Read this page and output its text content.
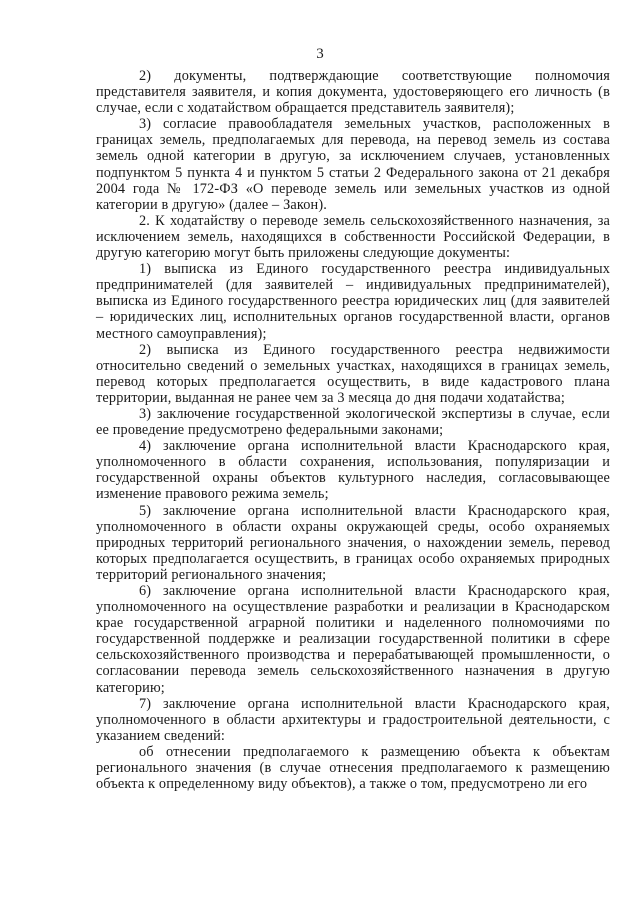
3

2) документы, подтверждающие соответствующие полномочия представителя заявителя, и копия документа, удостоверяющего его личность (в случае, если с ходатайством обращается представитель заявителя);

3) согласие правообладателя земельных участков, расположенных в границах земель, предполагаемых для перевода, на перевод земель из состава земель одной категории в другую, за исключением случаев, установленных подпунктом 5 пункта 4 и пунктом 5 статьи 2 Федерального закона от 21 декабря 2004 года № 172-ФЗ «О переводе земель или земельных участков из одной категории в другую» (далее – Закон).

2. К ходатайству о переводе земель сельскохозяйственного назначения, за исключением земель, находящихся в собственности Российской Федерации, в другую категорию могут быть приложены следующие документы:

1) выписка из Единого государственного реестра индивидуальных предпринимателей (для заявителей – индивидуальных предпринимателей), выписка из Единого государственного реестра юридических лиц (для заявителей – юридических лиц, исполнительных органов государственной власти, органов местного самоуправления);

2) выписка из Единого государственного реестра недвижимости относительно сведений о земельных участках, находящихся в границах земель, перевод которых предполагается осуществить, в виде кадастрового плана территории, выданная не ранее чем за 3 месяца до дня подачи ходатайства;

3) заключение государственной экологической экспертизы в случае, если ее проведение предусмотрено федеральными законами;

4) заключение органа исполнительной власти Краснодарского края, уполномоченного в области сохранения, использования, популяризации и государственной охраны объектов культурного наследия, согласовывающее изменение правового режима земель;

5) заключение органа исполнительной власти Краснодарского края, уполномоченного в области охраны окружающей среды, особо охраняемых природных территорий регионального значения, о нахождении земель, перевод которых предполагается осуществить, в границах особо охраняемых природных территорий регионального значения;

6) заключение органа исполнительной власти Краснодарского края, уполномоченного на осуществление разработки и реализации в Краснодарском крае государственной аграрной политики и наделенного полномочиями по государственной поддержке и реализации государственной политики в сфере сельскохозяйственного производства и перерабатывающей промышленности, о согласовании перевода земель сельскохозяйственного назначения в другую категорию;

7) заключение органа исполнительной власти Краснодарского края, уполномоченного в области архитектуры и градостроительной деятельности, с указанием сведений:

об отнесении предполагаемого к размещению объекта к объектам регионального значения (в случае отнесения предполагаемого к размещению объекта к определенному виду объектов), а также о том, предусмотрено ли его
